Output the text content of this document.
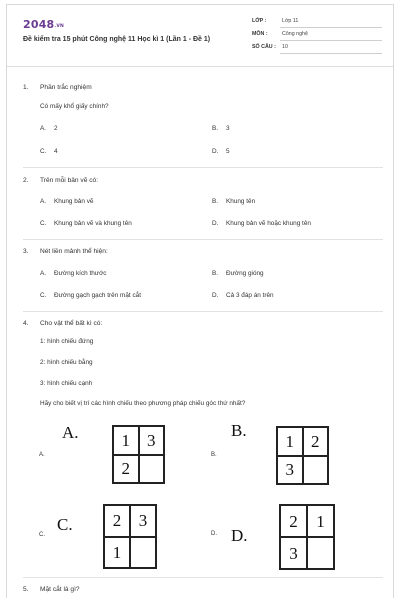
2048.VN
Đề kiểm tra 15 phút Công nghệ 11 Học kì 1 (Lần 1 - Đề 1)
LỚP :	Lớp 11
MÔN :	Công nghệ
SỐ CÂU : 10
1. Phần trắc nghiệm
Có mấy khổ giấy chính?
A. 2	B. 3
C. 4	D. 5
2. Trên mỗi bản vẽ có:
A. Khung bản vẽ	B. Khung tên
C. Khung bản vẽ và khung tên	D. Khung bản vẽ hoặc khung tên
3. Nét liền mảnh thể hiện:
A. Đường kích thước	B. Đường gióng
C. Đường gạch gạch trên mặt cắt	D. Cả 3 đáp án trên
4. Cho vật thể bất kì có:
1: hình chiếu đứng
2: hình chiếu bằng
3: hình chiếu cạnh
Hãy cho biết vị trí các hình chiếu theo phương pháp chiếu góc thứ nhất?
A.
A.
1	3
2
B.
B.
1	2
3
C.
C.
2	3
1
D.
D.
2	1
3
5. Mặt cắt là gì?
